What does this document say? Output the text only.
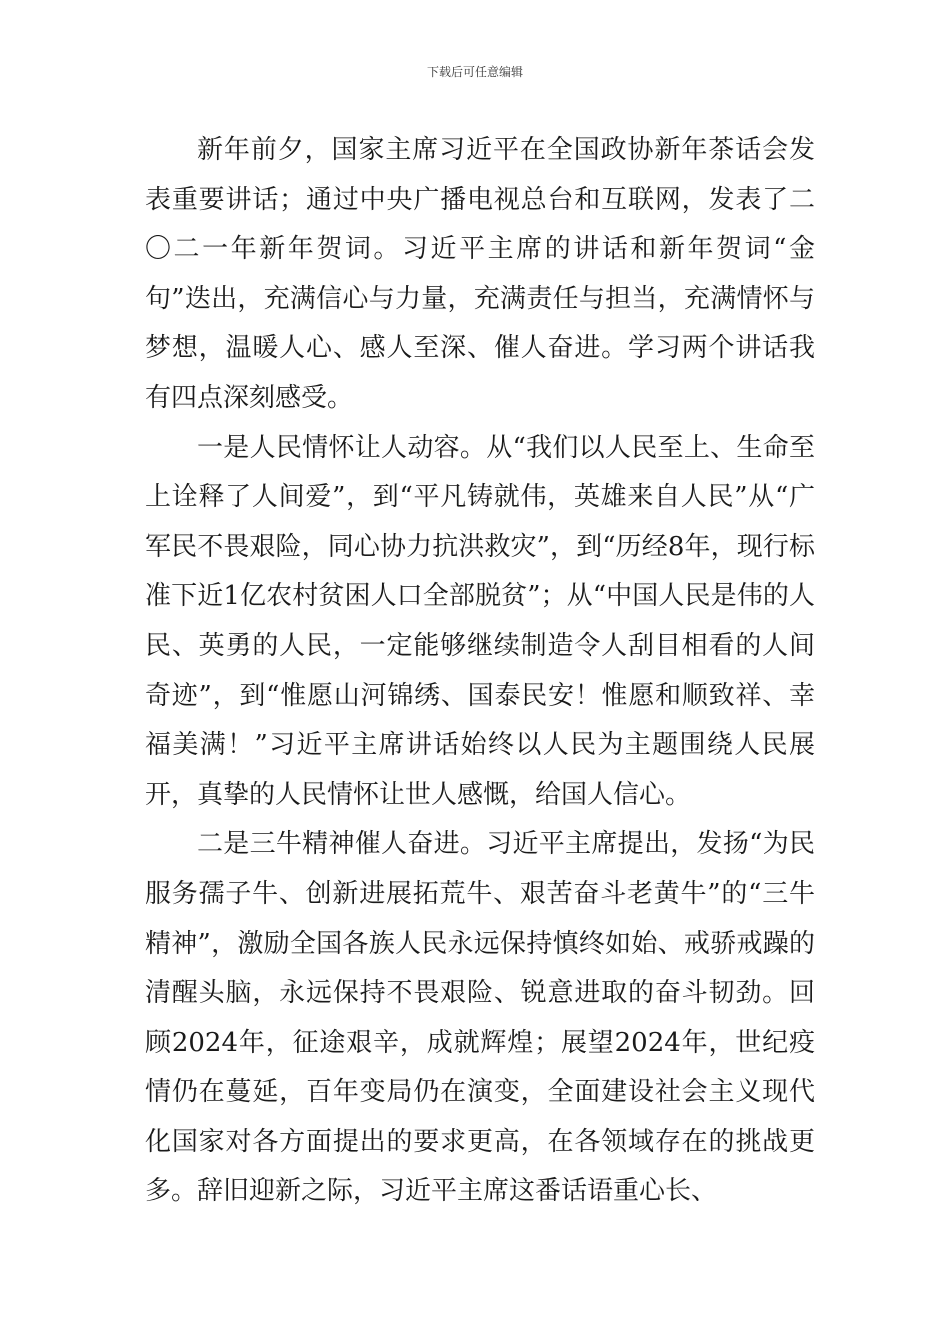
下载后可任意编辑

新年前夕，国家主席习近平在全国政协新年茶话会发表重要讲话；通过中央广播电视总台和互联网，发表了二〇二一年新年贺词。习近平主席的讲话和新年贺词“金句”迭出，充满信心与力量，充满责任与担当，充满情怀与梦想，温暖人心、感人至深、催人奋进。学习两个讲话我有四点深刻感受。

一是人民情怀让人动容。从“我们以人民至上、生命至上诠释了人间爱”，到“平凡铸就伟，英雄来自人民”从“广军民不畏艰险，同心协力抗洪救灾”，到“历经8年，现行标准下近1亿农村贫困人口全部脱贫”；从“中国人民是伟的人民、英勇的人民，一定能够继续制造令人刮目相看的人间奇迹”，到“惟愿山河锦绣、国泰民安！惟愿和顺致祥、幸福美满！”习近平主席讲话始终以人民为主题围绕人民展开，真挚的人民情怀让世人感慨，给国人信心。

二是三牛精神催人奋进。习近平主席提出，发扬“为民服务孺子牛、创新进展拓荒牛、艰苦奋斗老黄牛”的“三牛精神”，激励全国各族人民永远保持慎终如始、戒骄戒躁的清醒头脑，永远保持不畏艰险、锐意进取的奋斗韧劲。回顾2024年，征途艰辛，成就辉煌；展望2024年，世纪疫情仍在蔓延，百年变局仍在演变，全面建设社会主义现代化国家对各方面提出的要求更高，在各领域存在的挑战更多。辞旧迎新之际，习近平主席这番话语重心长、
